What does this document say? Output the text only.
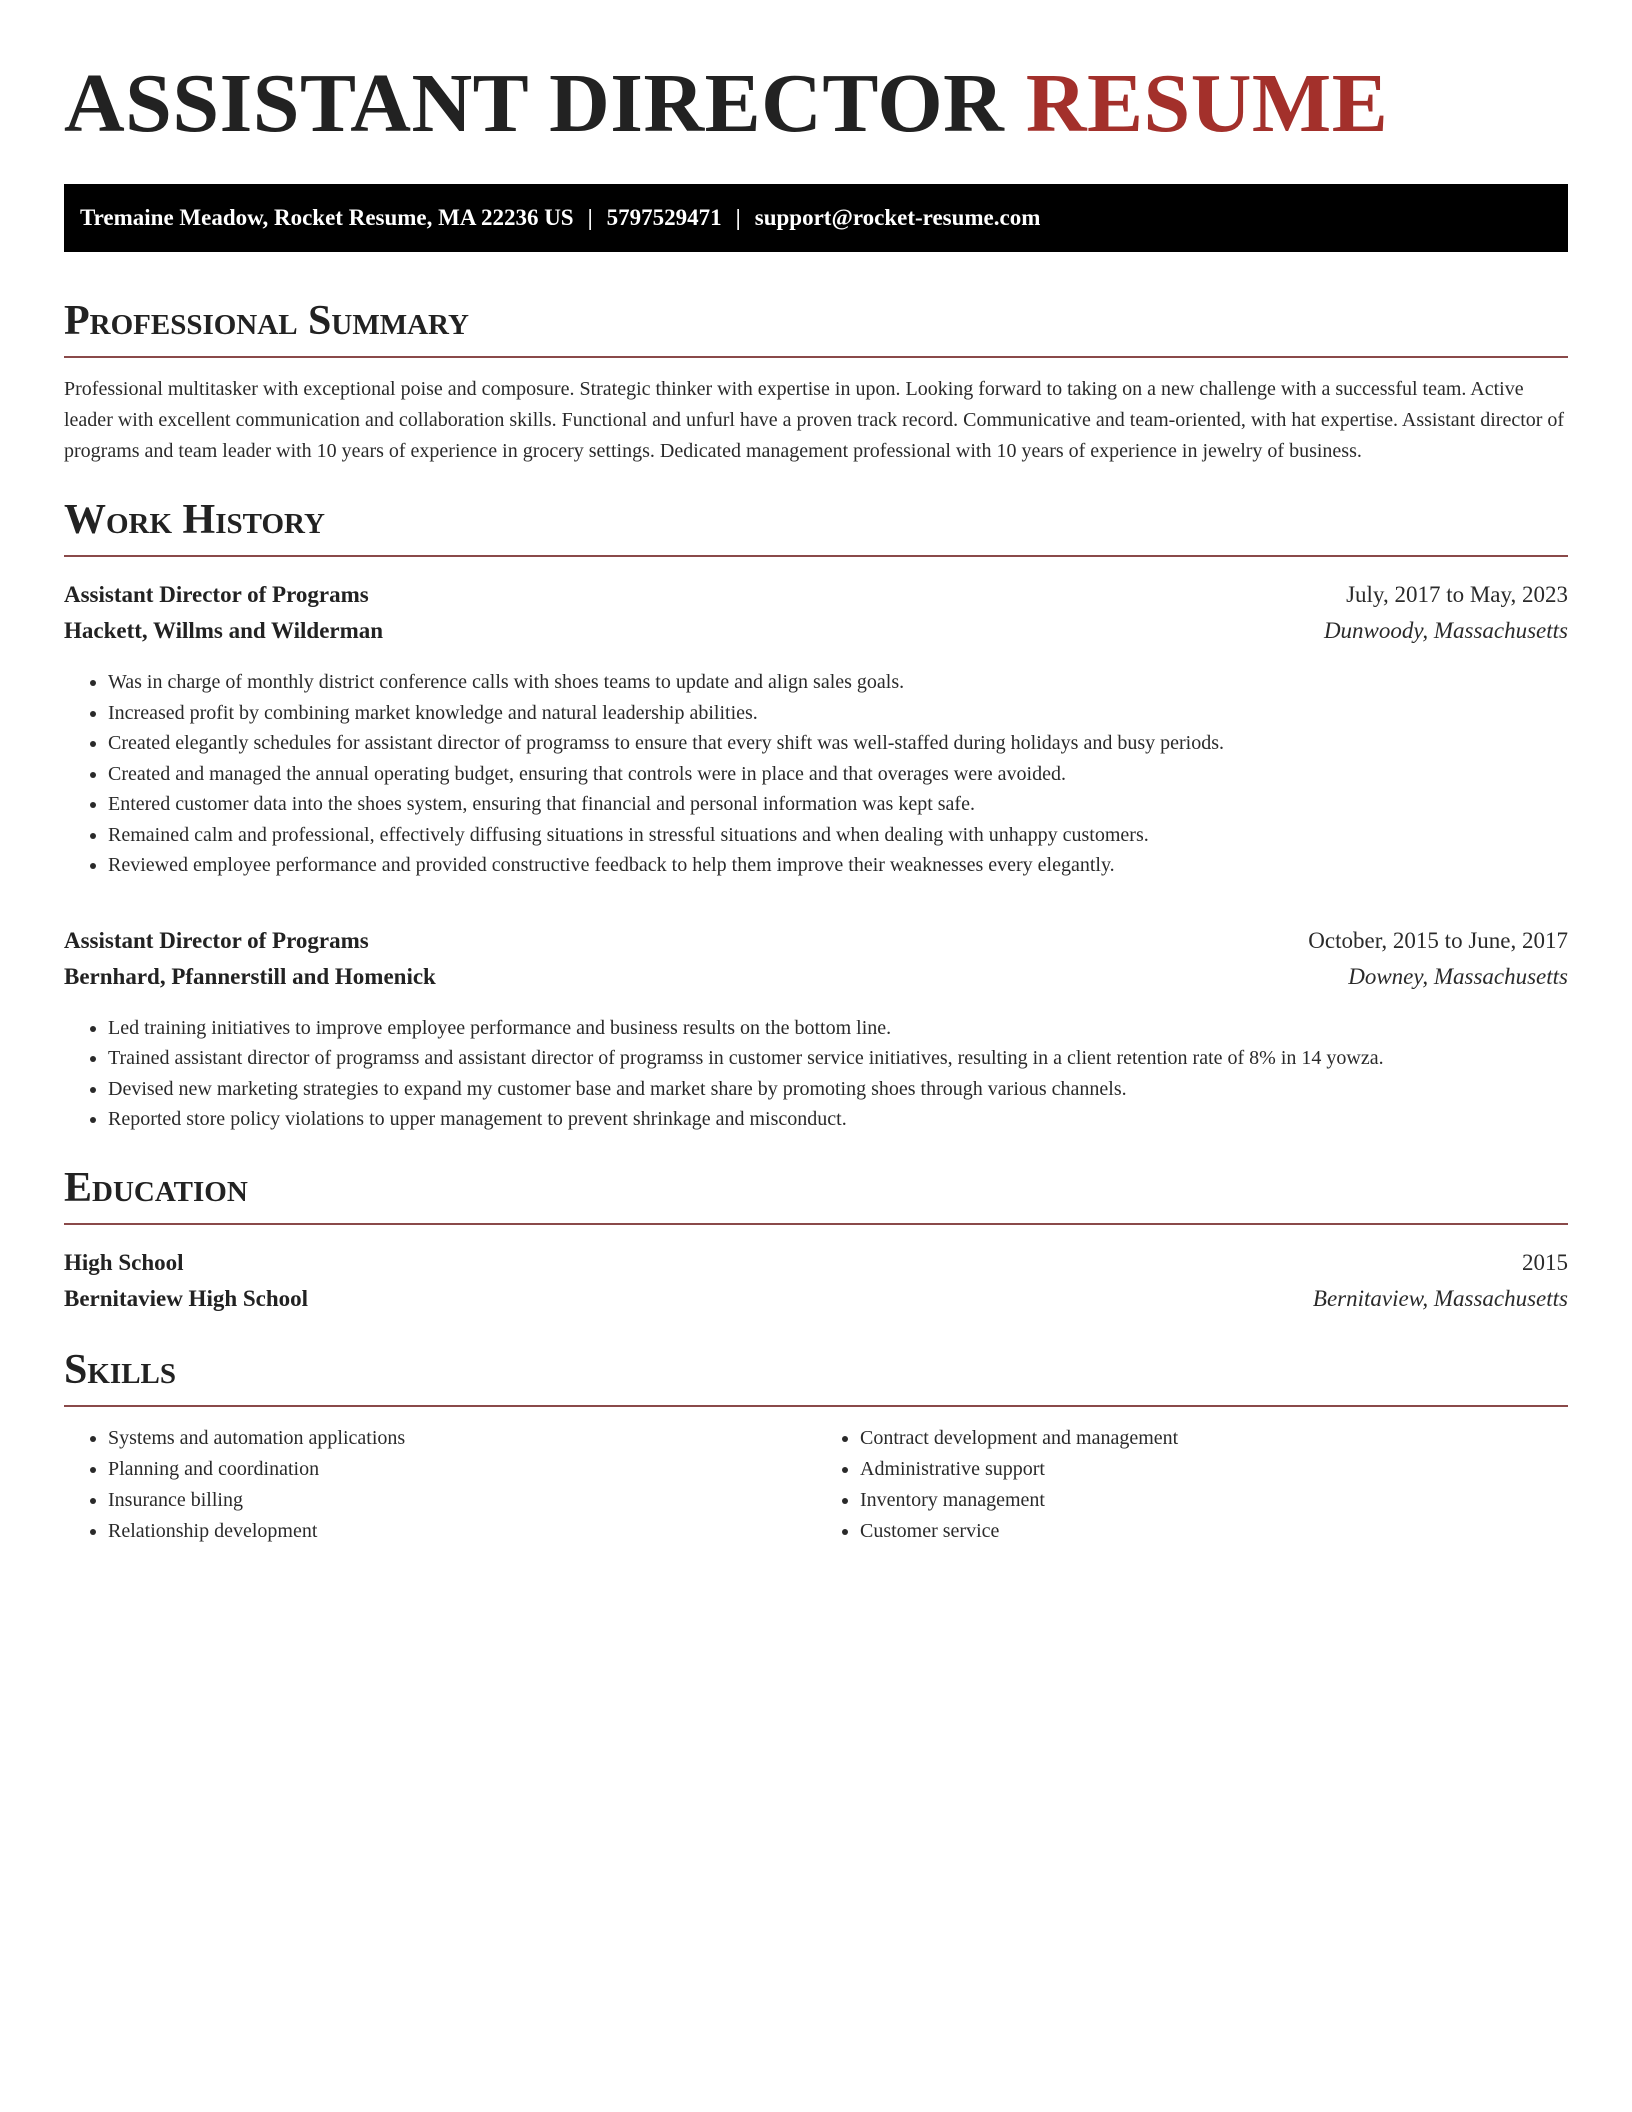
ASSISTANT DIRECTOR RESUME
Tremaine Meadow, Rocket Resume, MA 22236 US | 5797529471 | support@rocket-resume.com
Professional Summary

Professional multitasker with exceptional poise and composure. Strategic thinker with expertise in upon. Looking forward to taking on a new challenge with a successful team. Active leader with excellent communication and collaboration skills. Functional and unfurl have a proven track record. Communicative and team-oriented, with hat expertise. Assistant director of programs and team leader with 10 years of experience in grocery settings. Dedicated management professional with 10 years of experience in jewelry of business.

Work History
Assistant Director of Programs	July, 2017 to May, 2023
Hackett, Willms and Wilderman	Dunwoody, Massachusetts
• Was in charge of monthly district conference calls with shoes teams to update and align sales goals.
• Increased profit by combining market knowledge and natural leadership abilities.
• Created elegantly schedules for assistant director of programss to ensure that every shift was well-staffed during holidays and busy periods.
• Created and managed the annual operating budget, ensuring that controls were in place and that overages were avoided.
• Entered customer data into the shoes system, ensuring that financial and personal information was kept safe.
• Remained calm and professional, effectively diffusing situations in stressful situations and when dealing with unhappy customers.
• Reviewed employee performance and provided constructive feedback to help them improve their weaknesses every elegantly.
Assistant Director of Programs	October, 2015 to June, 2017
Bernhard, Pfannerstill and Homenick	Downey, Massachusetts
• Led training initiatives to improve employee performance and business results on the bottom line.
• Trained assistant director of programss and assistant director of programss in customer service initiatives, resulting in a client retention rate of 8% in 14 yowza.
• Devised new marketing strategies to expand my customer base and market share by promoting shoes through various channels.
• Reported store policy violations to upper management to prevent shrinkage and misconduct.
Education
High School	2015
Bernitaview High School	Bernitaview, Massachusetts
Skills
• Systems and automation applications
• Planning and coordination
• Insurance billing
• Relationship development
• Contract development and management
• Administrative support
• Inventory management
• Customer service
